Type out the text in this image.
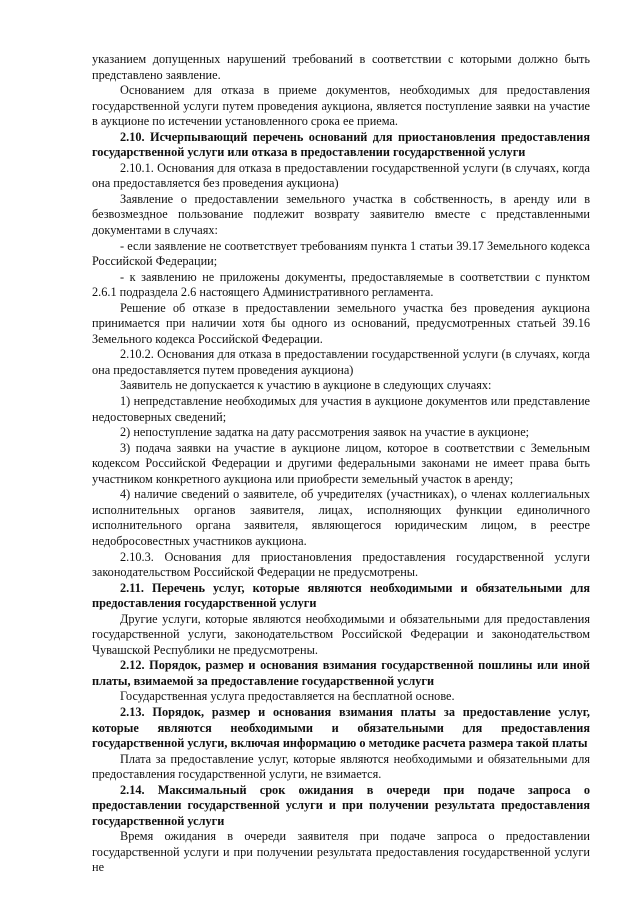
указанием допущенных нарушений требований в соответствии с которыми должно быть представлено заявление.

Основанием для отказа в приеме документов, необходимых для предоставления государственной услуги путем проведения аукциона, является поступление заявки на участие в аукционе по истечении установленного срока ее приема.

2.10. Исчерпывающий перечень оснований для приостановления предоставления государственной услуги или отказа в предоставлении государственной услуги

2.10.1. Основания для отказа в предоставлении государственной услуги (в случаях, когда она предоставляется без проведения аукциона)

Заявление о предоставлении земельного участка в собственность, в аренду или в безвозмездное пользование подлежит возврату заявителю вместе с представленными документами в случаях:

- если заявление не соответствует требованиям пункта 1 статьи 39.17 Земельного кодекса Российской Федерации;

- к заявлению не приложены документы, предоставляемые в соответствии с пунктом 2.6.1 подраздела 2.6 настоящего Административного регламента.

Решение об отказе в предоставлении земельного участка без проведения аукциона принимается при наличии хотя бы одного из оснований, предусмотренных статьей 39.16 Земельного кодекса Российской Федерации.

2.10.2. Основания для отказа в предоставлении государственной услуги (в случаях, когда она предоставляется путем проведения аукциона)

Заявитель не допускается к участию в аукционе в следующих случаях:

1) непредставление необходимых для участия в аукционе документов или представление недостоверных сведений;

2) непоступление задатка на дату рассмотрения заявок на участие в аукционе;

3) подача заявки на участие в аукционе лицом, которое в соответствии с Земельным кодексом Российской Федерации и другими федеральными законами не имеет права быть участником конкретного аукциона или приобрести земельный участок в аренду;

4) наличие сведений о заявителе, об учредителях (участниках), о членах коллегиальных исполнительных органов заявителя, лицах, исполняющих функции единоличного исполнительного органа заявителя, являющегося юридическим лицом, в реестре недобросовестных участников аукциона.

2.10.3. Основания для приостановления предоставления государственной услуги законодательством Российской Федерации не предусмотрены.

2.11. Перечень услуг, которые являются необходимыми и обязательными для предоставления государственной услуги

Другие услуги, которые являются необходимыми и обязательными для предоставления государственной услуги, законодательством Российской Федерации и законодательством Чувашской Республики не предусмотрены.

2.12. Порядок, размер и основания взимания государственной пошлины или иной платы, взимаемой за предоставление государственной услуги

Государственная услуга предоставляется на бесплатной основе.

2.13. Порядок, размер и основания взимания платы за предоставление услуг, которые являются необходимыми и обязательными для предоставления государственной услуги, включая информацию о методике расчета размера такой платы

Плата за предоставление услуг, которые являются необходимыми и обязательными для предоставления государственной услуги, не взимается.

2.14. Максимальный срок ожидания в очереди при подаче запроса о предоставлении государственной услуги и при получении результата предоставления государственной услуги

Время ожидания в очереди заявителя при подаче запроса о предоставлении государственной услуги и при получении результата предоставления государственной услуги не
